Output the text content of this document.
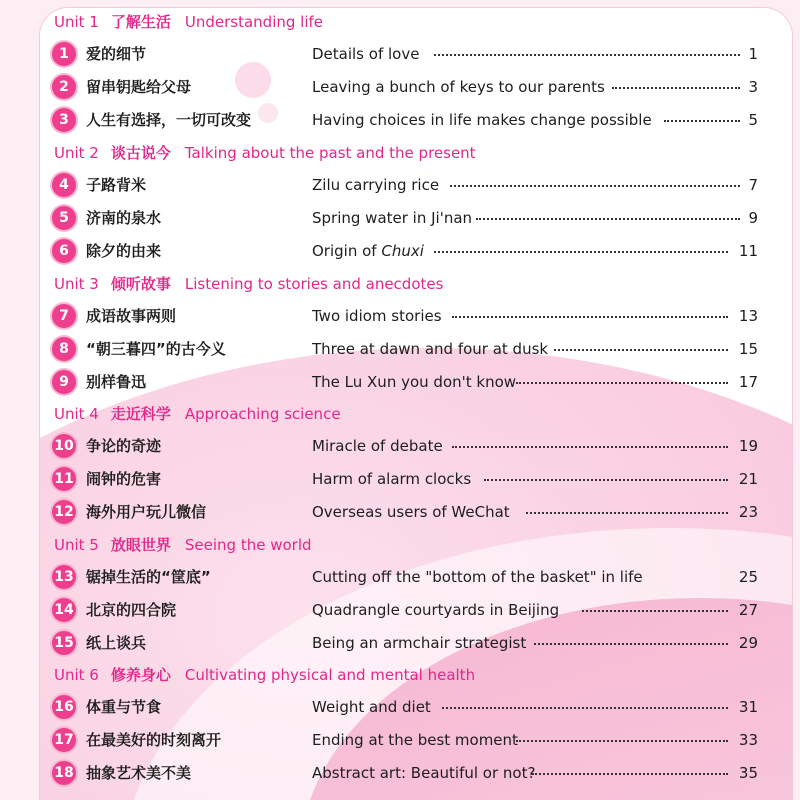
Unit 1 了解生活 Understanding life
1	爱的细节	Details of love	1
2	留串钥匙给父母	Leaving a bunch of keys to our parents	3
3	人生有选择，一切可改变	Having choices in life makes change possible	5
Unit 2 谈古说今 Talking about the past and the present
4	子路背米	Zilu carrying rice	7
5	济南的泉水	Spring water in Ji'nan	9
6	除夕的由来	Origin of Chuxi	11
Unit 3 倾听故事 Listening to stories and anecdotes
7	成语故事两则	Two idiom stories	13
8	“朝三暮四”的古今义	Three at dawn and four at dusk	15
9	别样鲁迅	The Lu Xun you don't know	17
Unit 4 走近科学 Approaching science
10 争论的奇迹	Miracle of debate	19
11 闹钟的危害	Harm of alarm clocks	21
12 海外用户玩儿微信	Overseas users of WeChat	23
Unit 5 放眼世界 Seeing the world
13 锯掉生活的“筐底”	Cutting off the "bottom of the basket" in life	25
14 北京的四合院	Quadrangle courtyards in Beijing	27
15 纸上谈兵	Being an armchair strategist	29
Unit 6 修养身心 Cultivating physical and mental health
16 体重与节食	Weight and diet	31
17 在最美好的时刻离开	Ending at the best moment	33
18 抽象艺术美不美	Abstract art: Beautiful or not?	35
